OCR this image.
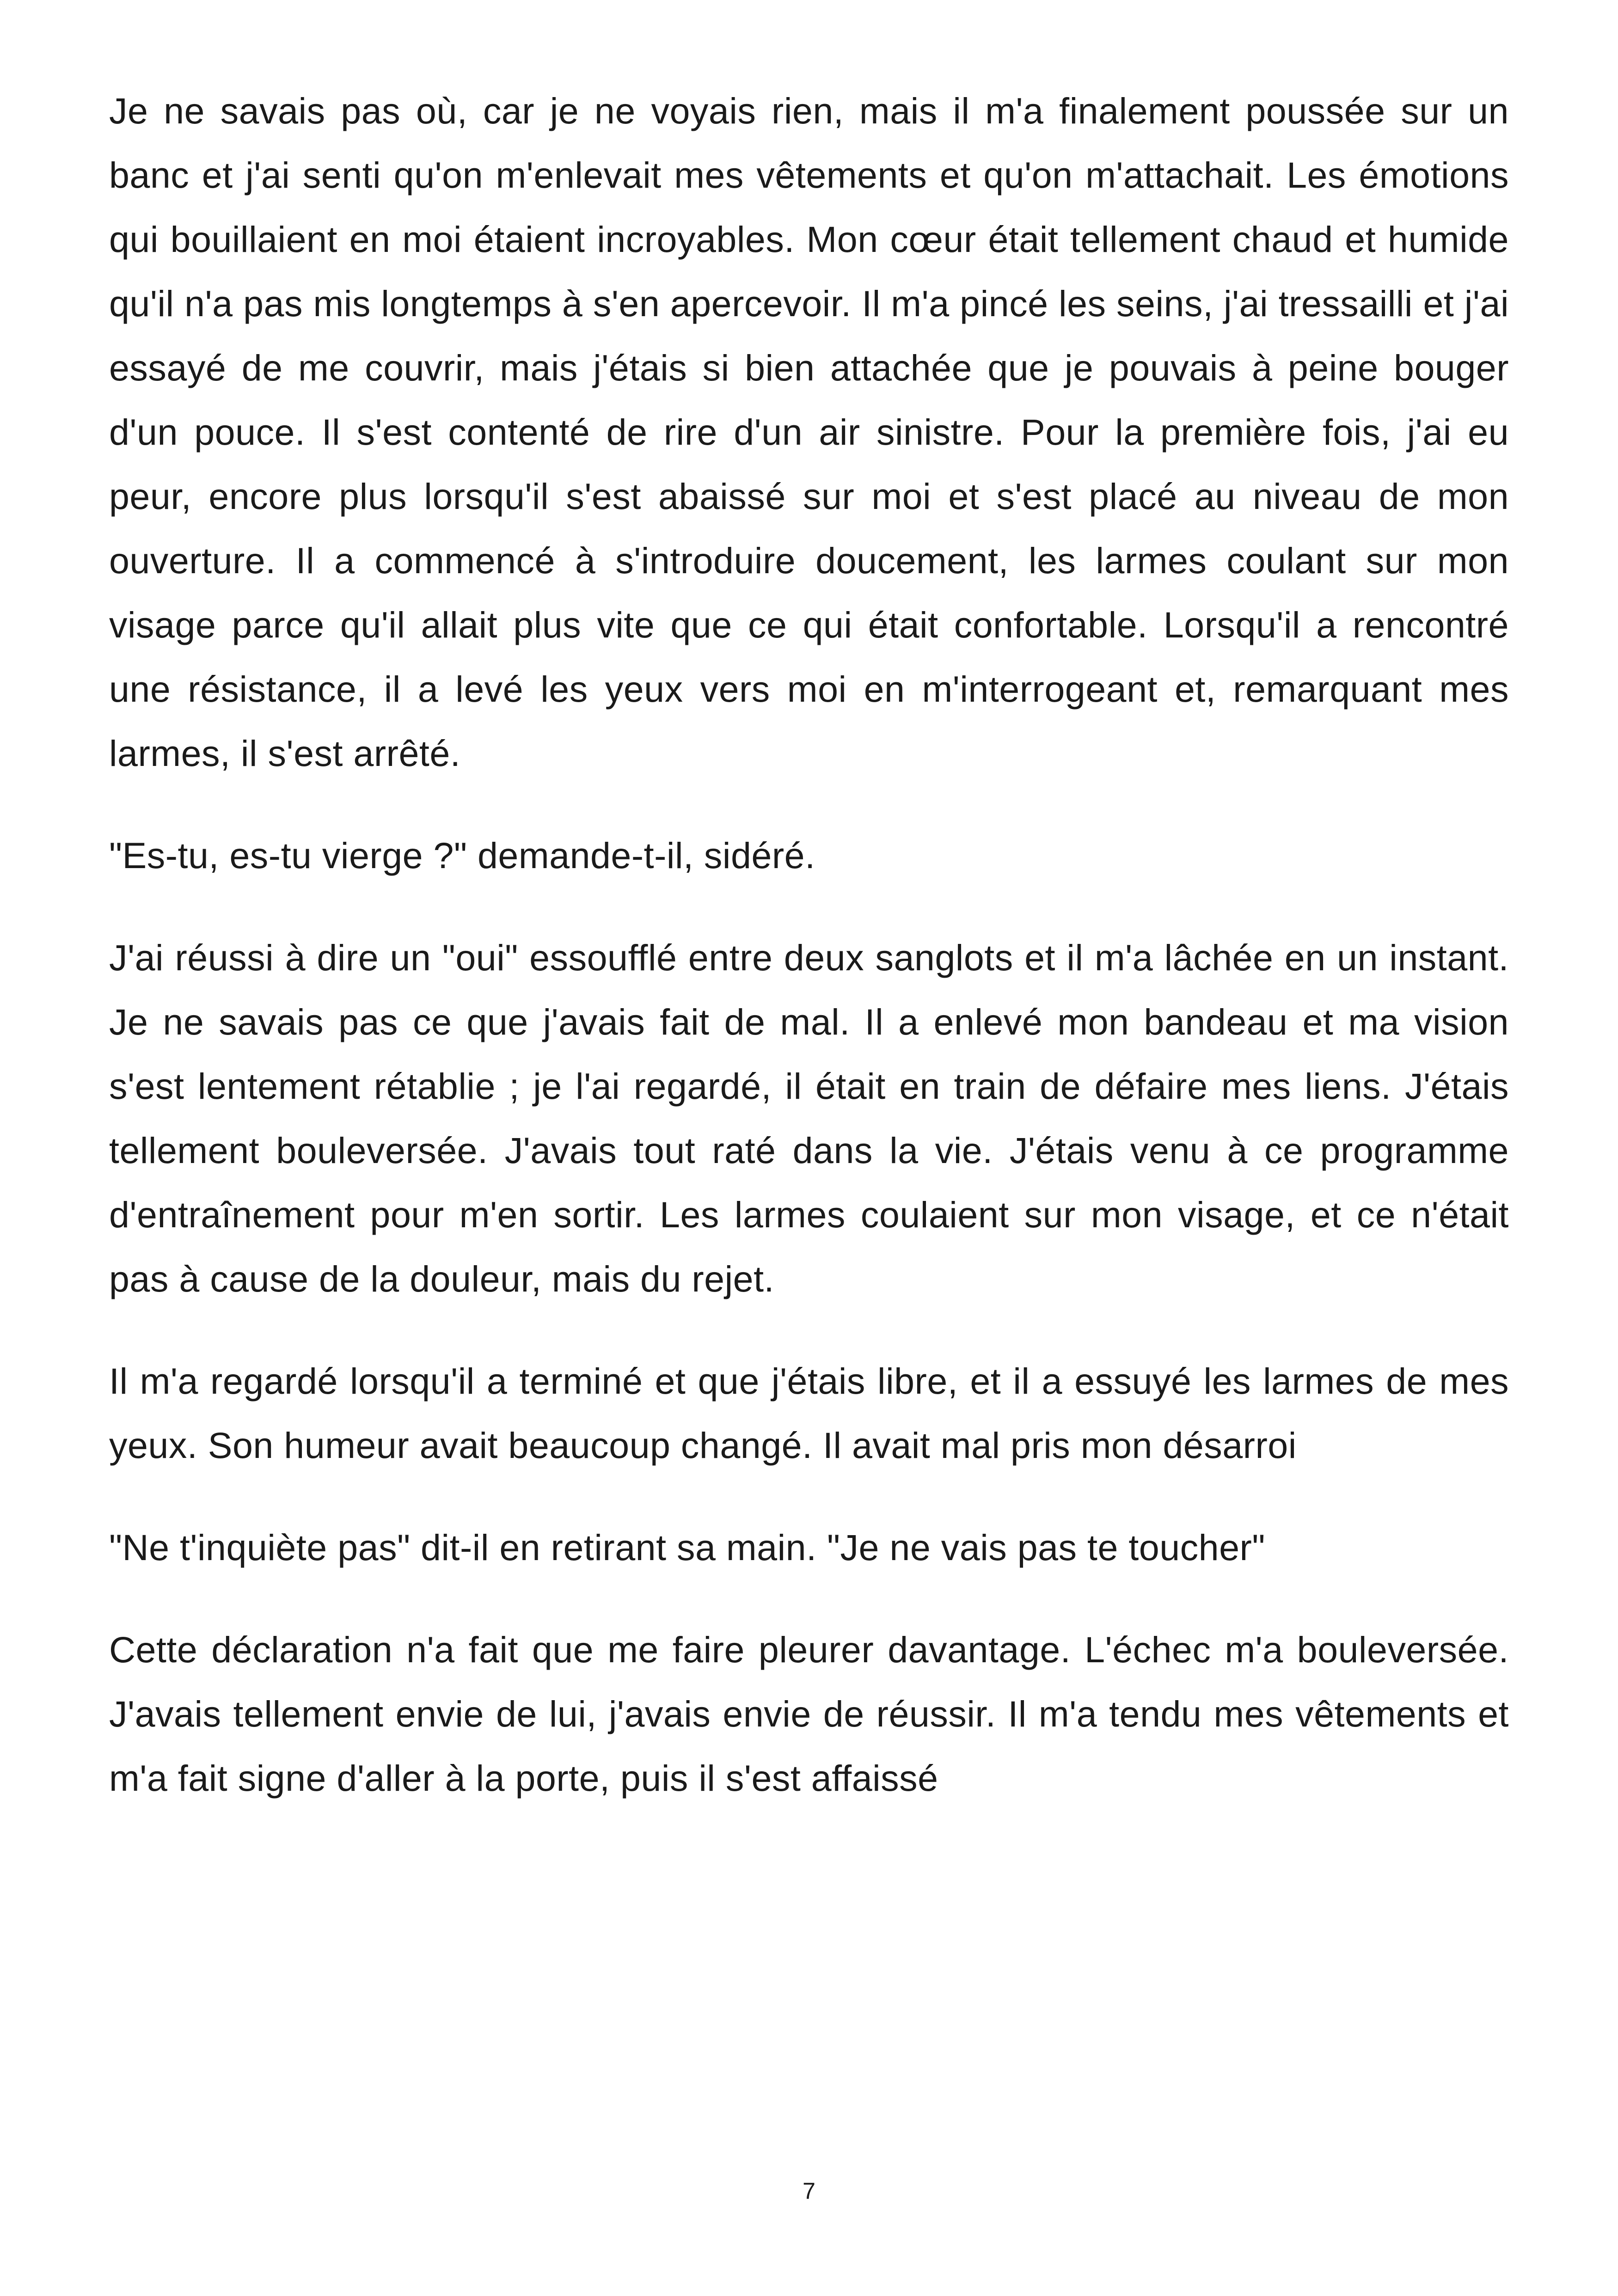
Je ne savais pas où, car je ne voyais rien, mais il m'a finalement poussée sur un banc et j'ai senti qu'on m'enlevait mes vêtements et qu'on m'attachait. Les émotions qui bouillaient en moi étaient incroyables. Mon cœur était tellement chaud et humide qu'il n'a pas mis longtemps à s'en apercevoir. Il m'a pincé les seins, j'ai tressailli et j'ai essayé de me couvrir, mais j'étais si bien attachée que je pouvais à peine bouger d'un pouce. Il s'est contenté de rire d'un air sinistre. Pour la première fois, j'ai eu peur, encore plus lorsqu'il s'est abaissé sur moi et s'est placé au niveau de mon ouverture. Il a commencé à s'introduire doucement, les larmes coulant sur mon visage parce qu'il allait plus vite que ce qui était confortable. Lorsqu'il a rencontré une résistance, il a levé les yeux vers moi en m'interrogeant et, remarquant mes larmes, il s'est arrêté.

"Es-tu, es-tu vierge ?" demande-t-il, sidéré.

J'ai réussi à dire un "oui" essoufflé entre deux sanglots et il m'a lâchée en un instant. Je ne savais pas ce que j'avais fait de mal. Il a enlevé mon bandeau et ma vision s'est lentement rétablie ; je l'ai regardé, il était en train de défaire mes liens. J'étais tellement bouleversée. J'avais tout raté dans la vie. J'étais venu à ce programme d'entraînement pour m'en sortir. Les larmes coulaient sur mon visage, et ce n'était pas à cause de la douleur, mais du rejet.

Il m'a regardé lorsqu'il a terminé et que j'étais libre, et il a essuyé les larmes de mes yeux. Son humeur avait beaucoup changé. Il avait mal pris mon désarroi

"Ne t'inquiète pas" dit-il en retirant sa main. "Je ne vais pas te toucher"

Cette déclaration n'a fait que me faire pleurer davantage. L'échec m'a bouleversée. J'avais tellement envie de lui, j'avais envie de réussir. Il m'a tendu mes vêtements et m'a fait signe d'aller à la porte, puis il s'est affaissé

7
